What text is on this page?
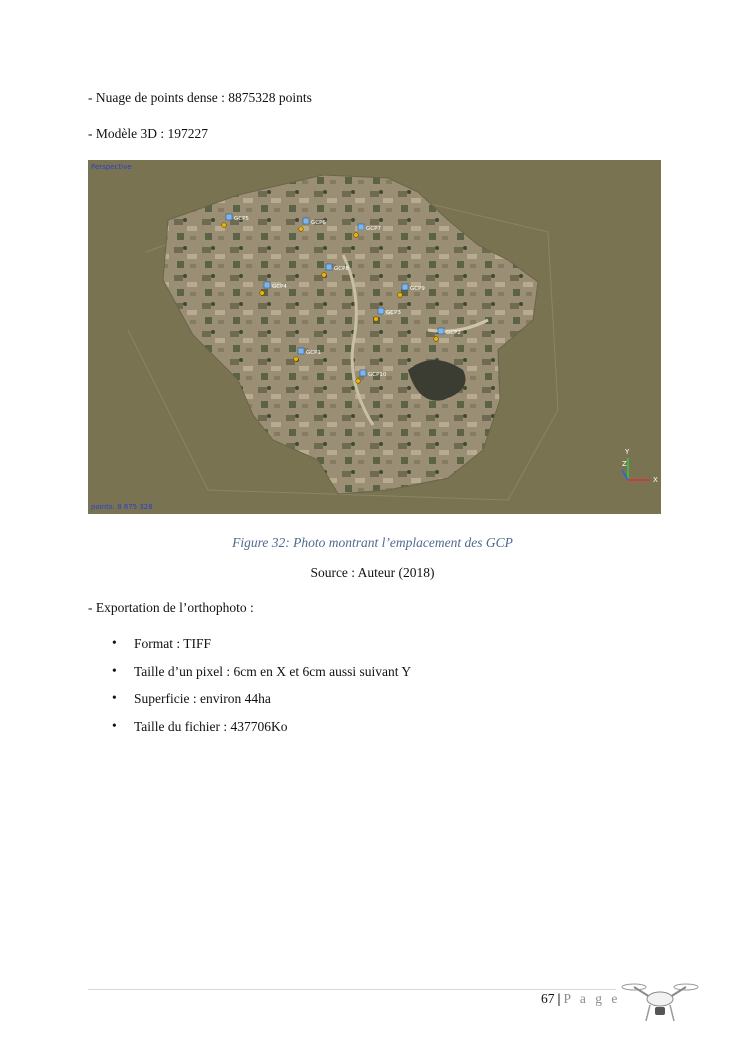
- Nuage de points dense : 8875328 points
- Modèle 3D : 197227
GCP5
GCP6
GCP7
GCP8
GCP4	GCP9
GCP3
GCP2
GCP1
GCP10
Y
Z
X
Perspective
points: 8 875 328
Figure 32: Photo montrant l’emplacement des GCP
Source : Auteur (2018)
- Exportation de l’orthophoto :
• Format : TIFF
• Taille d’un pixel : 6cm en X et 6cm aussi suivant Y
• Superficie : environ 44ha
• Taille du fichier : 437706Ko
67 | P a g e
